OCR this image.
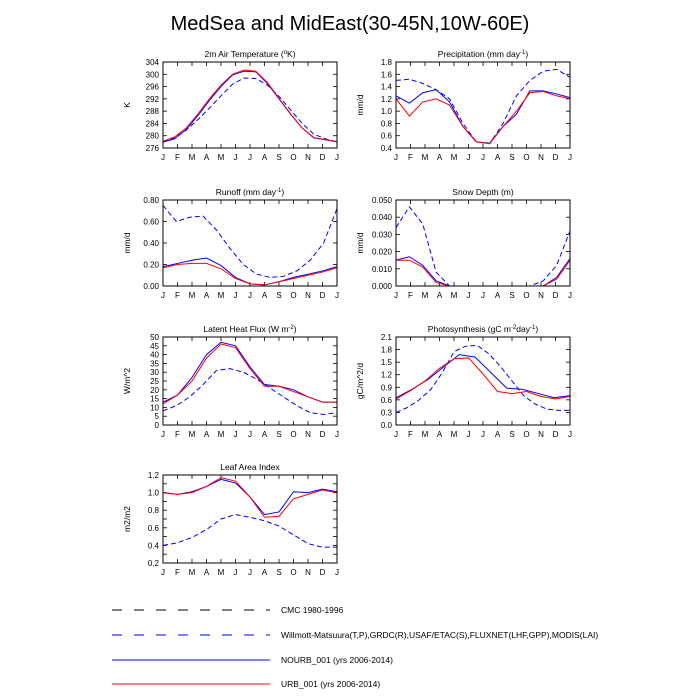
MedSea and MidEast(30-45N,10W-60E)
2m Air Temperature ($^o$K)
K
276
280
284
288
292
296
300
304
J F M A M J J A S O N D J
Precipitation (mm day$^{-1}$)
mm/d
0.4
0.6
0.8
1.0
1.2
1.4
1.6
1.8
J F M A M J J A S O N D J
Runoff (mm day$^{-1}$)
mm/d
0.00
0.20
0.40
0.60
0.80
J F M A M J J A S O N D J
Snow Depth (m)
mm/d
0.000
0.010
0.020
0.030
0.040
0.050
J F M A M J J A S O N D J
Latent Heat Flux (W $m^{-2}$)
W/m^2
0
5
10
15
20
25
30
35
40
45
50
J F M A M J J A S O N D J
Photosynthesis (gC $m^{-2}day^{-1}$)
gC/m^2/d
0.0
0.3
0.6
0.9
1.2
1.5
1.8
2.1
J F M A M J J A S O N D J
Leaf Area Index
m2/m2
0.2
0.4
0.6
0.8
1.0
1.2
J F M A M J J A S O N D J
CMC 1980-1996
Willmott-Matsuura(T,P),GRDC(R),USAF/ETAC(S),FLUXNET(LHF,GPP),MODIS(LAI)
NOURB_001 (yrs 2006-2014)
URB_001 (yrs 2006-2014)
